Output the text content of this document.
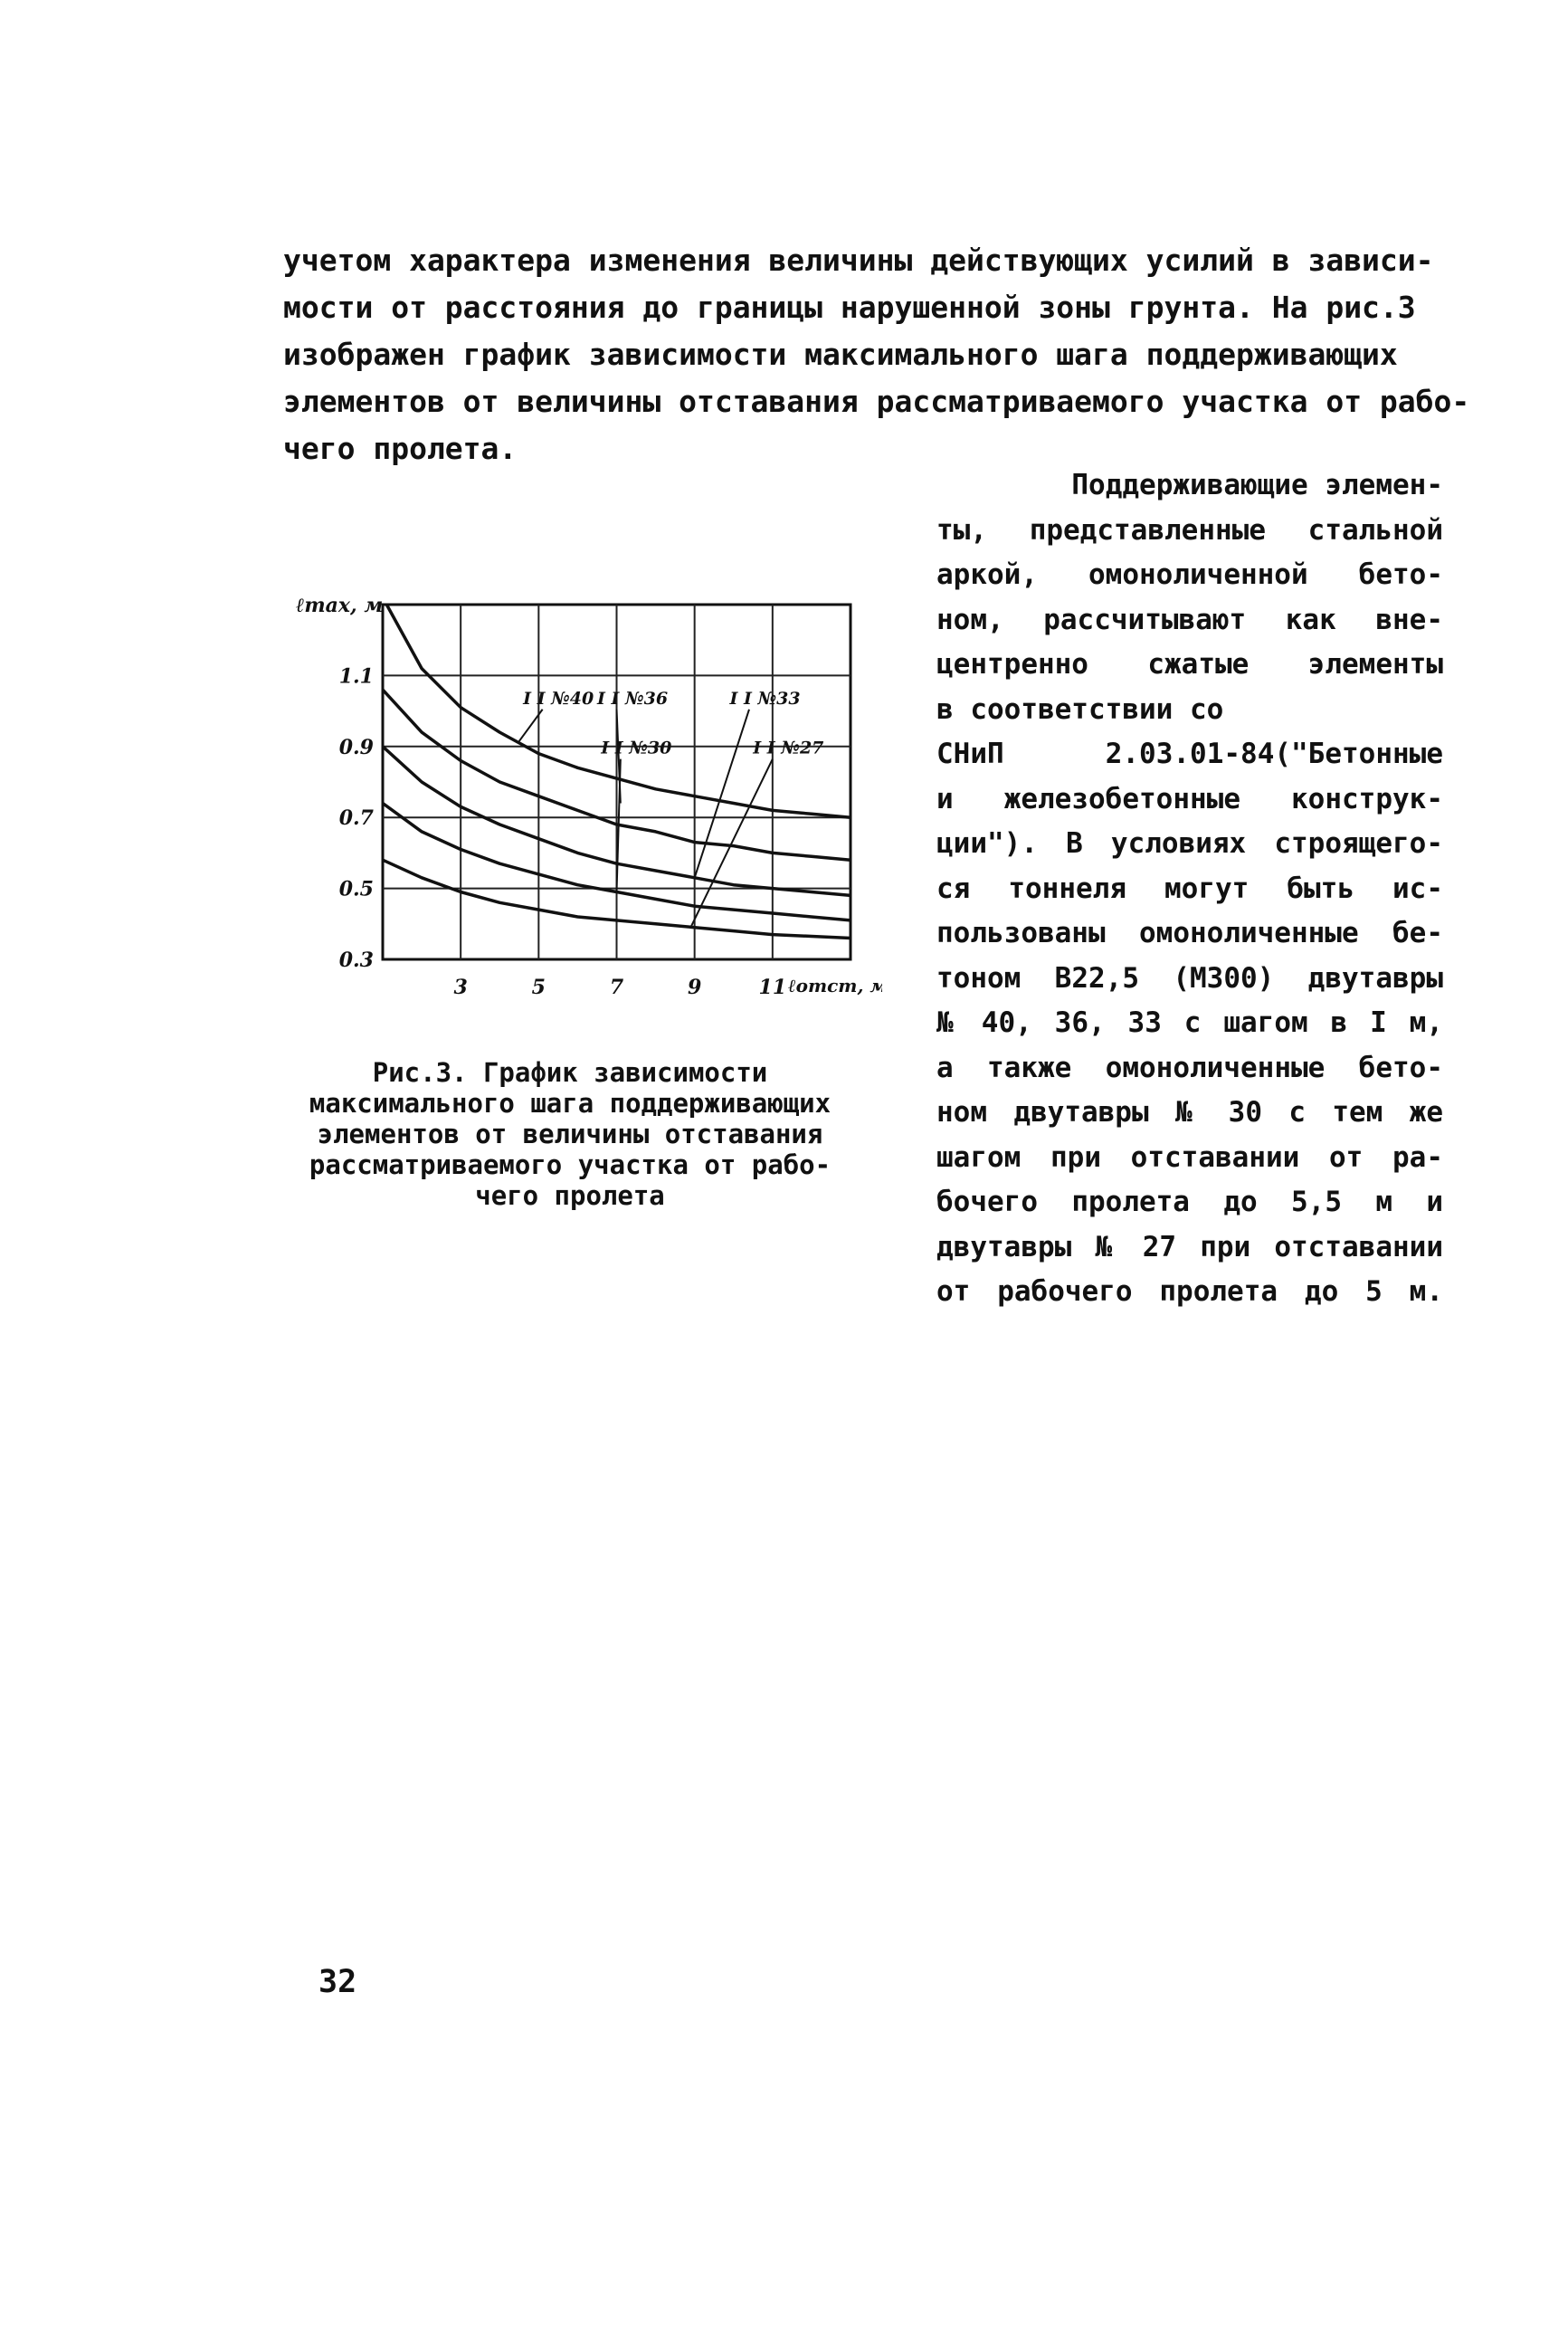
учетом характера изменения величины действующих усилий в зависи-
мости от расстояния до границы нарушенной зоны грунта. На рис.3
изображен график зависимости максимального шага поддерживающих
элементов от величины отставания рассматриваемого участка от рабо-
чего пролета.
3	5	7	9	11
0.3
0.5
0.7
0.9
1.1
ℓmax, м
ℓотст, м
I I №40 I I №36	I I №33
I I №30	I I №27
Рис.3. График зависимости
максимального шага поддерживающих
элементов от величины отставания
рассматриваемого участка от рабо-
чего пролета
Поддерживающие элемен-
ты, представленные стальной
аркой, омоноличенной бето-
ном, рассчитывают как вне-
центренно сжатые элементы
в соответствии со
СНиП 2.03.01-84("Бетонные
и железобетонные конструк-
ции"). В условиях строящего-
ся тоннеля могут быть ис-
пользованы омоноличенные бе-
тоном В22,5 (М300) двутавры
№ 40, 36, 33 с шагом в I м,
а также омоноличенные бето-
ном двутавры № 30 с тем же
шагом при отставании от ра-
бочего пролета до 5,5 м и
двутавры № 27 при отставании
от рабочего пролета до 5 м.
32
